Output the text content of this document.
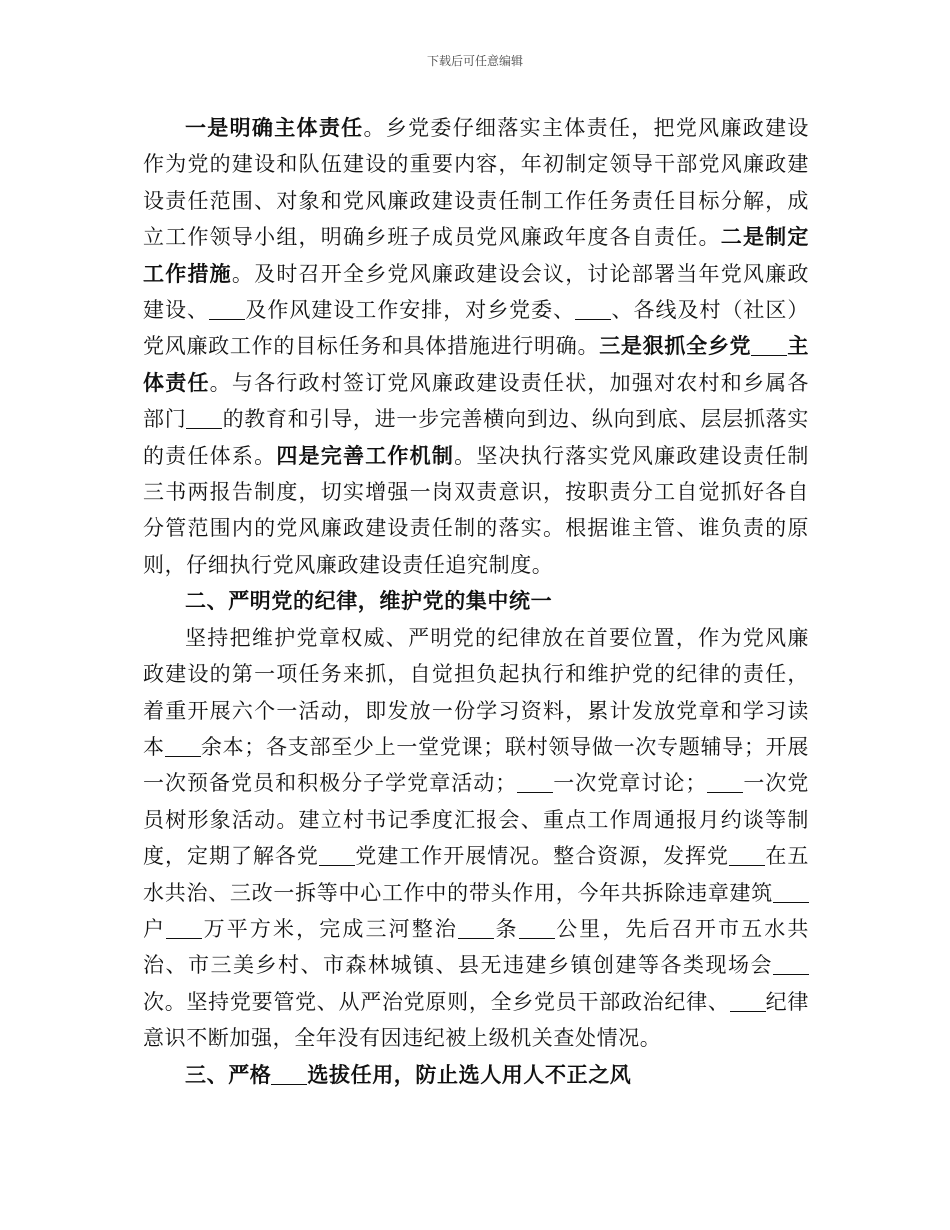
下载后可任意编辑

一是明确主体责任。乡党委仔细落实主体责任，把党风廉政建设作为党的建设和队伍建设的重要内容，年初制定领导干部党风廉政建设责任范围、对象和党风廉政建设责任制工作任务责任目标分解，成立工作领导小组，明确乡班子成员党风廉政年度各自责任。二是制定工作措施。及时召开全乡党风廉政建设会议，讨论部署当年党风廉政建设、 及作风建设工作安排，对乡党委、 、各线及村（社区）党风廉政工作的目标任务和具体措施进行明确。三是狠抓全乡党 主体责任。与各行政村签订党风廉政建设责任状，加强对农村和乡属各部门 的教育和引导，进一步完善横向到边、纵向到底、层层抓落实的责任体系。四是完善工作机制。坚决执行落实党风廉政建设责任制三书两报告制度，切实增强一岗双责意识，按职责分工自觉抓好各自分管范围内的党风廉政建设责任制的落实。根据谁主管、谁负责的原则，仔细执行党风廉政建设责任追究制度。

二、严明党的纪律，维护党的集中统一

坚持把维护党章权威、严明党的纪律放在首要位置，作为党风廉政建设的第一项任务来抓，自觉担负起执行和维护党的纪律的责任，着重开展六个一活动，即发放一份学习资料，累计发放党章和学习读本 余本；各支部至少上一堂党课；联村领导做一次专题辅导；开展一次预备党员和积极分子学党章活动； 一次党章讨论； 一次党员树形象活动。建立村书记季度汇报会、重点工作周通报月约谈等制度，定期了解各党 党建工作开展情况。整合资源，发挥党 在五水共治、三改一拆等中心工作中的带头作用，今年共拆除违章建筑户 万平方米，完成三河整治 条 公里，先后召开市五水共治、市三美乡村、市森林城镇、县无违建乡镇创建等各类现场会次。坚持党要管党、从严治党原则，全乡党员干部政治纪律、 纪律意识不断加强，全年没有因违纪被上级机关查处情况。

三、严格 选拔任用，防止选人用人不正之风
